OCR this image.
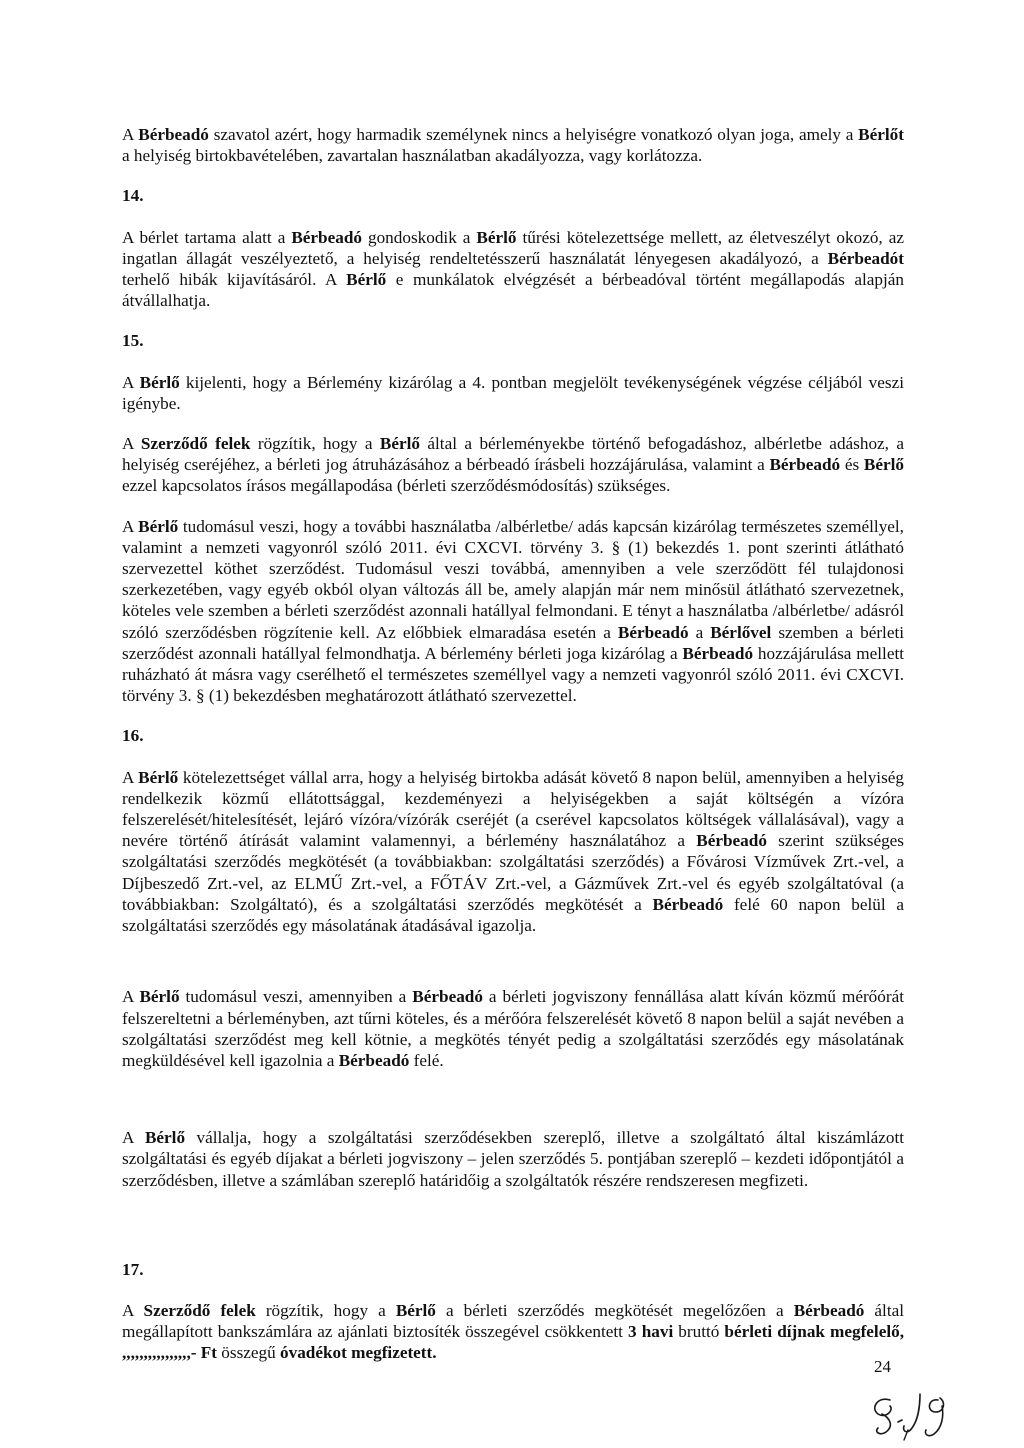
A Bérbeadó szavatol azért, hogy harmadik személynek nincs a helyiségre vonatkozó olyan joga, amely a Bérlőt a helyiség birtokbavételében, zavartalan használatban akadályozza, vagy korlátozza.

14.

A bérlet tartama alatt a Bérbeadó gondoskodik a Bérlő tűrési kötelezettsége mellett, az életveszélyt okozó, az ingatlan állagát veszélyeztető, a helyiség rendeltetésszerű használatát lényegesen akadályozó, a Bérbeadót terhelő hibák kijavításáról. A Bérlő e munkálatok elvégzését a bérbeadóval történt megállapodás alapján átvállalhatja.

15.

A Bérlő kijelenti, hogy a Bérlemény kizárólag a 4. pontban megjelölt tevékenységének végzése céljából veszi igénybe.

A Szerződő felek rögzítik, hogy a Bérlő által a bérleményekbe történő befogadáshoz, albérletbe adáshoz, a helyiség cseréjéhez, a bérleti jog átruházásához a bérbeadó írásbeli hozzájárulása, valamint a Bérbeadó és Bérlő ezzel kapcsolatos írásos megállapodása (bérleti szerződésmódosítás) szükséges.

A Bérlő tudomásul veszi, hogy a további használatba /albérletbe/ adás kapcsán kizárólag természetes személlyel, valamint a nemzeti vagyonról szóló 2011. évi CXCVI. törvény 3. § (1) bekezdés 1. pont szerinti átlátható szervezettel köthet szerződést. Tudomásul veszi továbbá, amennyiben a vele szerződött fél tulajdonosi szerkezetében, vagy egyéb okból olyan változás áll be, amely alapján már nem minősül átlátható szervezetnek, köteles vele szemben a bérleti szerződést azonnali hatállyal felmondani. E tényt a használatba /albérletbe/ adásról szóló szerződésben rögzítenie kell. Az előbbiek elmaradása esetén a Bérbeadó a Bérlővel szemben a bérleti szerződést azonnali hatállyal felmondhatja. A bérlemény bérleti joga kizárólag a Bérbeadó hozzájárulása mellett ruházható át másra vagy cserélhető el természetes személlyel vagy a nemzeti vagyonról szóló 2011. évi CXCVI. törvény 3. § (1) bekezdésben meghatározott átlátható szervezettel.

16.

A Bérlő kötelezettséget vállal arra, hogy a helyiség birtokba adását követő 8 napon belül, amennyiben a helyiség rendelkezik közmű ellátottsággal, kezdeményezi a helyiségekben a saját költségén a vízóra felszerelését/hitelesítését, lejáró vízóra/vízórák cseréjét (a cserével kapcsolatos költségek vállalásával), vagy a nevére történő átírását valamint valamennyi, a bérlemény használatához a Bérbeadó szerint szükséges szolgáltatási szerződés megkötését (a továbbiakban: szolgáltatási szerződés) a Fővárosi Vízművek Zrt.-vel, a Díjbeszedő Zrt.-vel, az ELMŰ Zrt.-vel, a FŐTÁV Zrt.-vel, a Gázművek Zrt.-vel és egyéb szolgáltatóval (a továbbiakban: Szolgáltató), és a szolgáltatási szerződés megkötését a Bérbeadó felé 60 napon belül a szolgáltatási szerződés egy másolatának átadásával igazolja.

A Bérlő tudomásul veszi, amennyiben a Bérbeadó a bérleti jogviszony fennállása alatt kíván közmű mérőórát felszereltetni a bérleményben, azt tűrni köteles, és a mérőóra felszerelését követő 8 napon belül a saját nevében a szolgáltatási szerződést meg kell kötnie, a megkötés tényét pedig a szolgáltatási szerződés egy másolatának megküldésével kell igazolnia a Bérbeadó felé.

A Bérlő vállalja, hogy a szolgáltatási szerződésekben szereplő, illetve a szolgáltató által kiszámlázott szolgáltatási és egyéb díjakat a bérleti jogviszony – jelen szerződés 5. pontjában szereplő – kezdeti időpontjától a szerződésben, illetve a számlában szereplő határidőig a szolgáltatók részére rendszeresen megfizeti.

17.

A Szerződő felek rögzítik, hogy a Bérlő a bérleti szerződés megkötését megelőzően a Bérbeadó által megállapított bankszámlára az ajánlati biztosíték összegével csökkentett 3 havi bruttó bérleti díjnak megfelelő, ,,,,,,,,,,,,,,,,- Ft összegű óvadékot megfizetett.

24
